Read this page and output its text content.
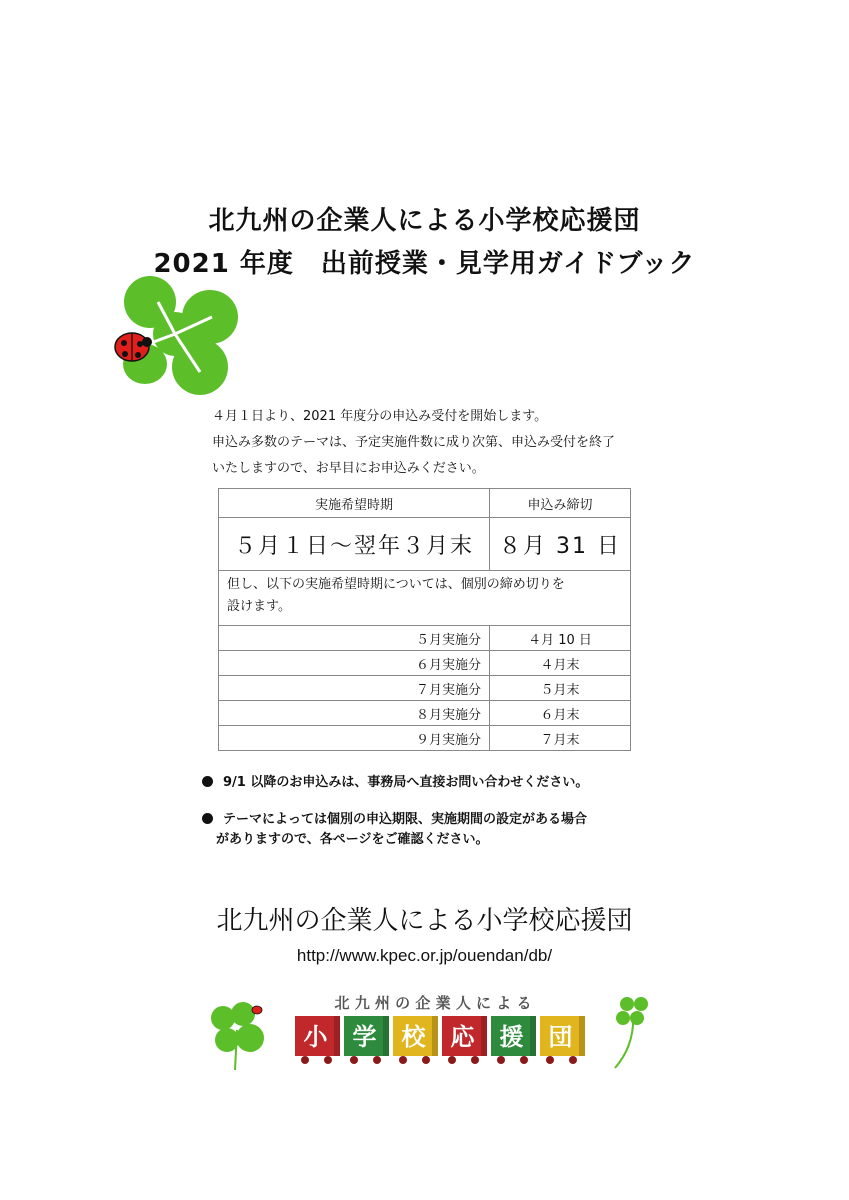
北九州の企業人による小学校応援団
2021 年度　出前授業・見学用ガイドブック
４月１日より、2021 年度分の申込み受付を開始します。
申込み多数のテーマは、予定実施件数に成り次第、申込み受付を終了
いたしますので、お早目にお申込みください。
実施希望時期	申込み締切
５月１日～翌年３月末	８月 31 日

但し、以下の実施希望時期については、個別の締め切りを
設けます。	

５月実施分	４月 10 日
６月実施分	４月末
７月実施分	５月末
８月実施分	６月末
９月実施分	７月末
9/1 以降のお申込みは、事務局へ直接お問い合わせください。
テーマによっては個別の申込期限、実施期間の設定がある場合
がありますので、各ページをご確認ください。
北九州の企業人による小学校応援団
http://www.kpec.or.jp/ouendan/db/
北 九 州 の 企 業 人 に よ る
小 学 校 応 援 団
